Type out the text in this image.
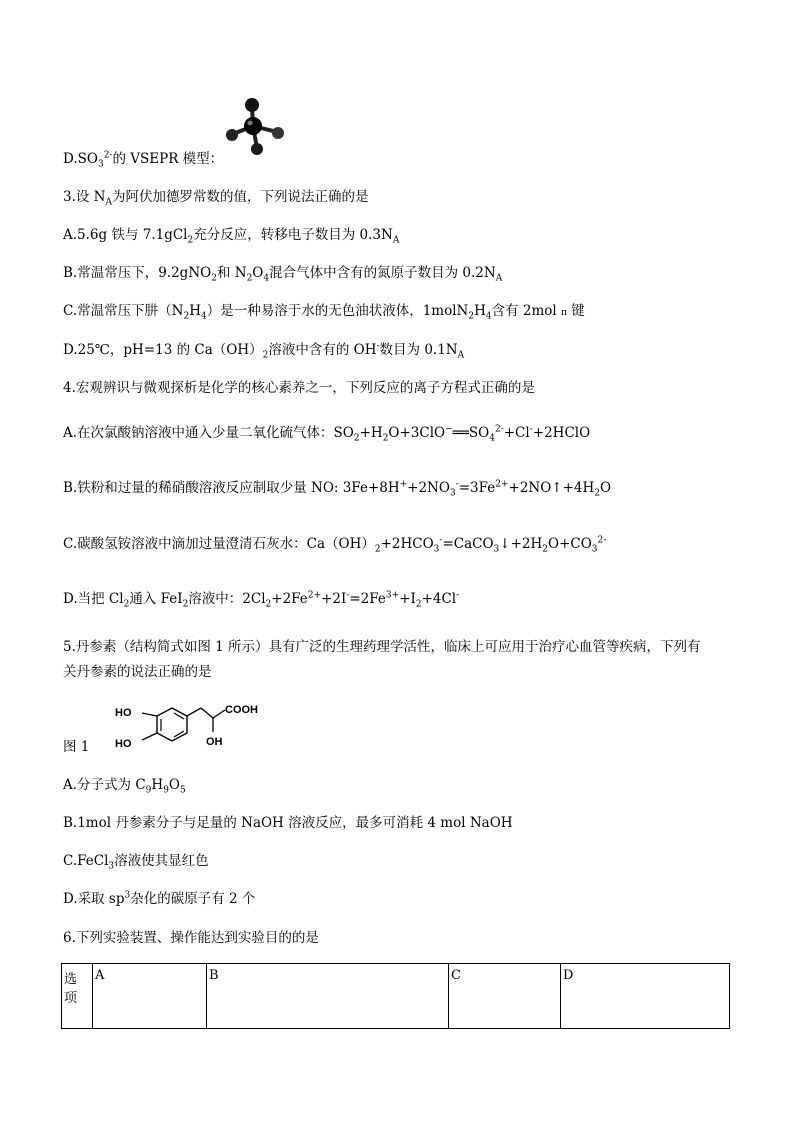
$D.SO_3^{2-}$的 VSEPR 模型：
3.设 $N_A$为阿伏加德罗常数的值，下列说法正确的是
A.5.6g 铁与 7.1gCl$_2$充分反应，转移电子数目为 $0.3N_A$
B.常温常压下，9.2gNO$_2$和 $N_2O_4$混合气体中含有的氮原子数目为 $0.2N_A$
C.常温常压下肼$(N_2H_4)$是一种易溶于水的无色油状液体，$1molN_2H_4$含有 2mol π 键
D.25℃，pH=13 的 $Ca(OH)_2$溶液中含有的 OH-数目为 $0.1N_A$
4.宏观辨识与微观探析是化学的核心素养之一，下列反应的离子方程式正确的是
A.在次氯酸钠溶液中通入少量二氧化硫气体：$SO_2+H_2O+3ClO^-══SO_4^{2-}+Cl^-+2HClO$
B.铁粉和过量的稀硝酸溶液反应制取少量 NO: $3Fe+8H^++2NO_3^-=3Fe^{2+}+2NO↑+4H_2O$
C.碳酸氢铵溶液中滴加过量澄清石灰水：$Ca(OH)_2+2HCO_3^-=CaCO_3↓+2H_2O+CO_3^{2-}$
D.当把 $Cl_2$通入 FeI$_2$溶液中：$2Cl_2+2Fe^{2+}+2I^-=2Fe^{3+}+I_2+4Cl^-$
5.丹参素（结构简式如图 1 所示）具有广泛的生理药理学活性，临床上可应用于治疗心血管等疾病，下列有
关丹参素的说法正确的是
HO
HO
COOH
OH
图 1
A.分子式为 $C_9H_9O_5$
B.1mol 丹参素分子与足量的 NaOH 溶液反应，最多可消耗 4 mol NaOH
C.FeCl$_3$溶液使其显红色
D.采取 $sp^3$杂化的碳原子有 2 个
6.下列实验装置、操作能达到实验目的的是
选
项
	A	B	C	D
